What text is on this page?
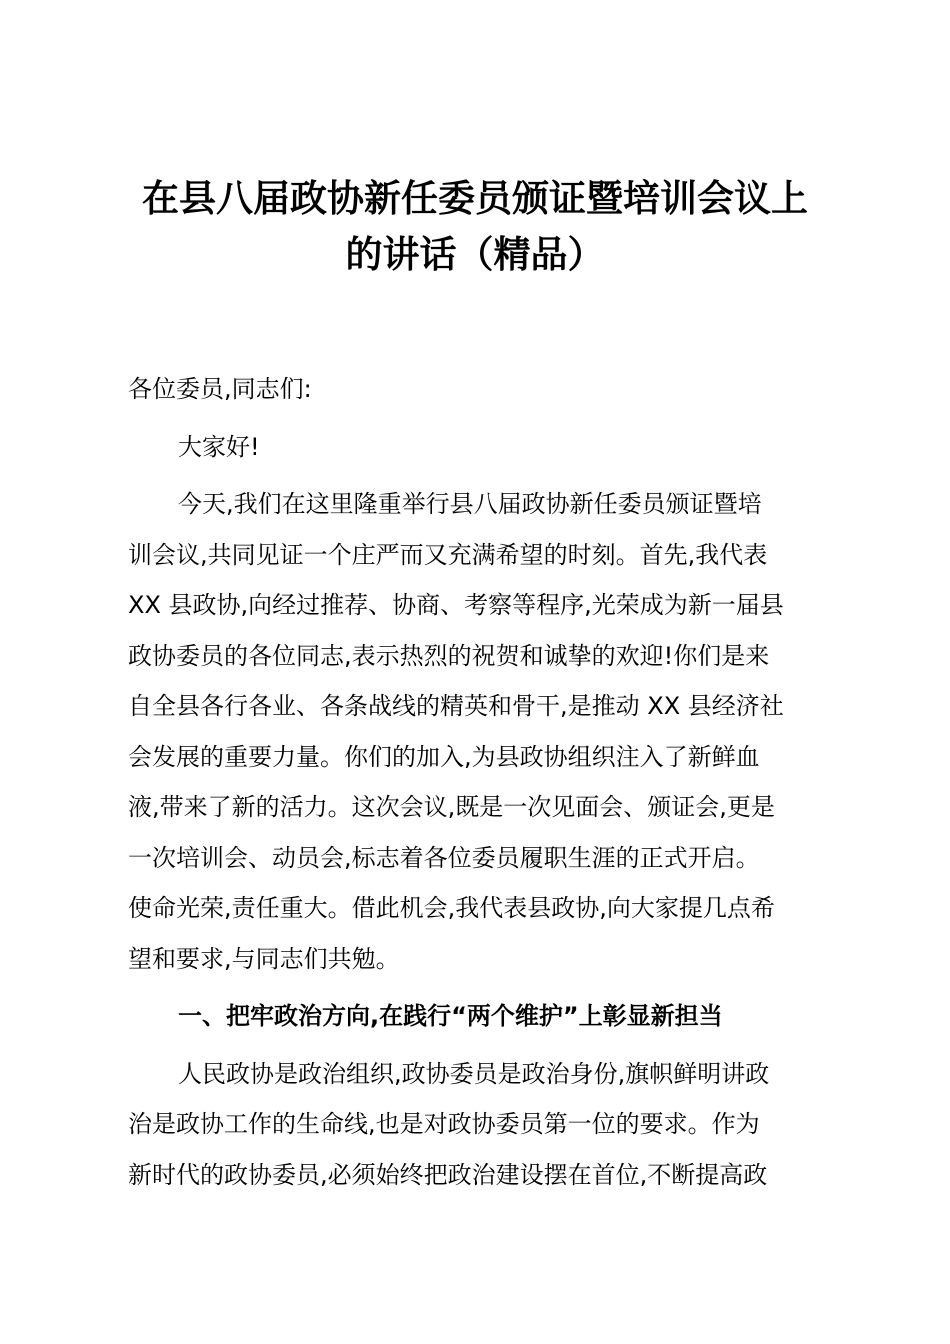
在县八届政协新任委员颁证暨培训会议上
的讲话（精品）

各位委员,同志们:

大家好!

今天,我们在这里隆重举行县八届政协新任委员颁证暨培
训会议,共同见证一个庄严而又充满希望的时刻。首先,我代表
XX 县政协,向经过推荐、协商、考察等程序,光荣成为新一届县
政协委员的各位同志,表示热烈的祝贺和诚挚的欢迎!你们是来
自全县各行各业、各条战线的精英和骨干,是推动 XX 县经济社
会发展的重要力量。你们的加入,为县政协组织注入了新鲜血
液,带来了新的活力。这次会议,既是一次见面会、颁证会,更是
一次培训会、动员会,标志着各位委员履职生涯的正式开启。
使命光荣,责任重大。借此机会,我代表县政协,向大家提几点希
望和要求,与同志们共勉。

一、把牢政治方向,在践行“两个维护”上彰显新担当

人民政协是政治组织,政协委员是政治身份,旗帜鲜明讲政
治是政协工作的生命线,也是对政协委员第一位的要求。作为
新时代的政协委员,必须始终把政治建设摆在首位,不断提高政
